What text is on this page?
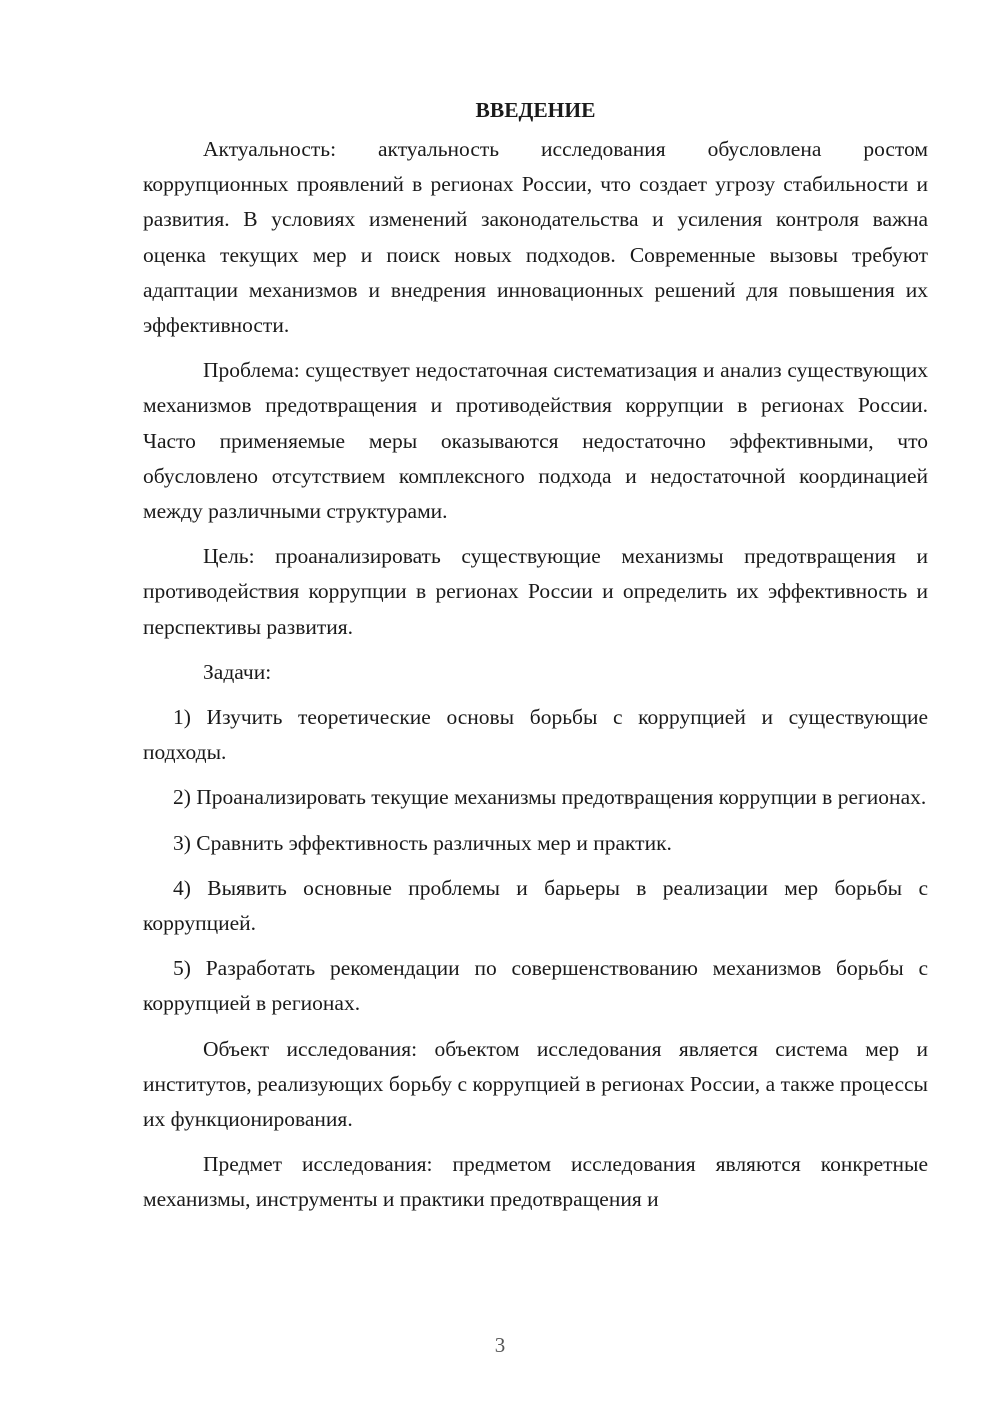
ВВЕДЕНИЕ

Актуальность: актуальность исследования обусловлена ростом коррупционных проявлений в регионах России, что создает угрозу стабильности и развития. В условиях изменений законодательства и усиления контроля важна оценка текущих мер и поиск новых подходов. Современные вызовы требуют адаптации механизмов и внедрения инновационных решений для повышения их эффективности.

Проблема: существует недостаточная систематизация и анализ существующих механизмов предотвращения и противодействия коррупции в регионах России. Часто применяемые меры оказываются недостаточно эффективными, что обусловлено отсутствием комплексного подхода и недостаточной координацией между различными структурами.

Цель: проанализировать существующие механизмы предотвращения и противодействия коррупции в регионах России и определить их эффективность и перспективы развития.

Задачи:

1) Изучить теоретические основы борьбы с коррупцией и существующие подходы.

2) Проанализировать текущие механизмы предотвращения коррупции в регионах.

3) Сравнить эффективность различных мер и практик.

4) Выявить основные проблемы и барьеры в реализации мер борьбы с коррупцией.

5) Разработать рекомендации по совершенствованию механизмов борьбы с коррупцией в регионах.

Объект исследования: объектом исследования является система мер и институтов, реализующих борьбу с коррупцией в регионах России, а также процессы их функционирования.

Предмет исследования: предметом исследования являются конкретные механизмы, инструменты и практики предотвращения и

3
